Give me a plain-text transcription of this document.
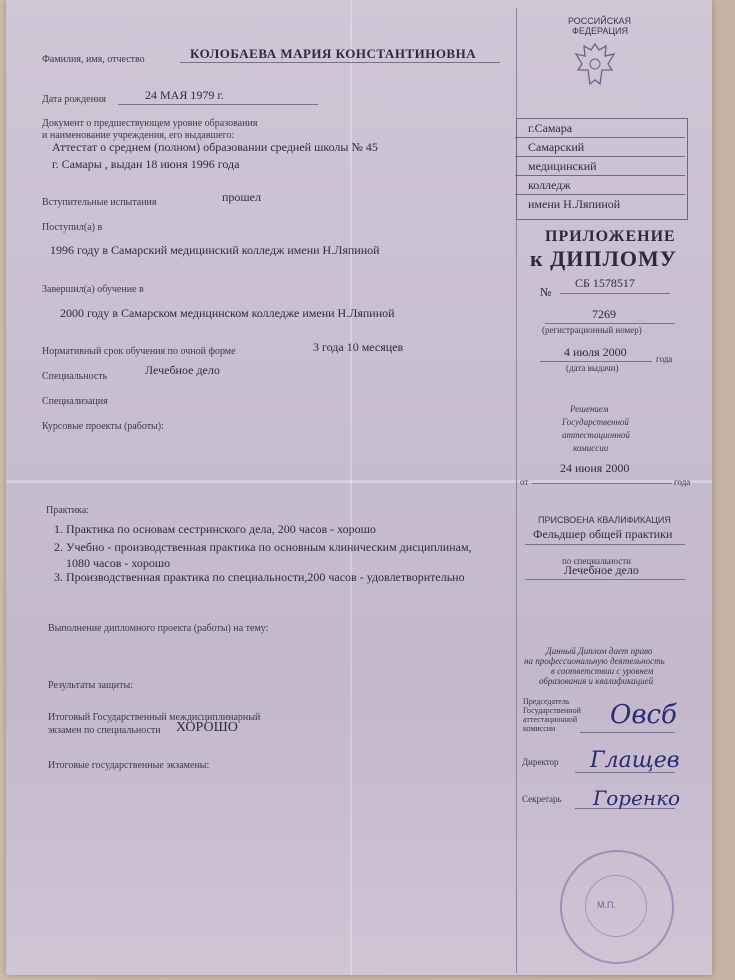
Фамилия, имя, отчество	КОЛОБАЕВА МАРИЯ КОНСТАНТИНОВНА
Дата рождения	24 МАЯ 1979 г.
Документ о предшествующем уровне образования
и наименование учреждения, его выдавшего:
Аттестат о среднем (полном) образовании средней школы № 45
г. Самары , выдан 18 июня 1996 года
Вступительные испытания	прошел
Поступил(а) в
1996 году в Самарский медицинский колледж имени Н.Ляпиной
Завершил(а) обучение в
2000 году в Самарском медицинском колледже имени Н.Ляпиной
Нормативный срок обучения по очной форме	3 года 10 месяцев
Специальность	Лечебное дело
Специализация
Курсовые проекты (работы):
Практика:
1. Практика по основам сестринского дела, 200 часов - хорошо
2. Учебно - производственная практика по основным клиническим дисциплинам,
1080 часов - хорошо
3. Производственная практика по специальности,200 часов - удовлетворительно
Выполнение дипломного проекта (работы) на тему:
Результаты защиты:
Итоговый Государственный междисциплинарный
экзамен по специальности ХОРОШО
Итоговые государственные экзамены:
РОССИЙСКАЯ
ФЕДЕРАЦИЯ
г.Самара
Самарский
медицинский
колледж
имени Н.Ляпиной
ПРИЛОЖЕНИЕ
к ДИПЛОМУ
№
СБ 1578517
7269
(регистрационный номер)
4 июля 2000	года
(дата выдачи)
Решением
Государственной
аттестационной
комиссии
24 июня 2000
от	года
ПРИСВОЕНА КВАЛИФИКАЦИЯ
Фельдшер общей практики
по специальности
Лечебное дело
Данный Диплом дает право
на профессиональную деятельность
в соответствии с уровнем
образования и квалификацией
Председатель
Государственной
аттестационной
комиссии Овсб
Директор Глащев
Секретарь Горенко
М.П.
